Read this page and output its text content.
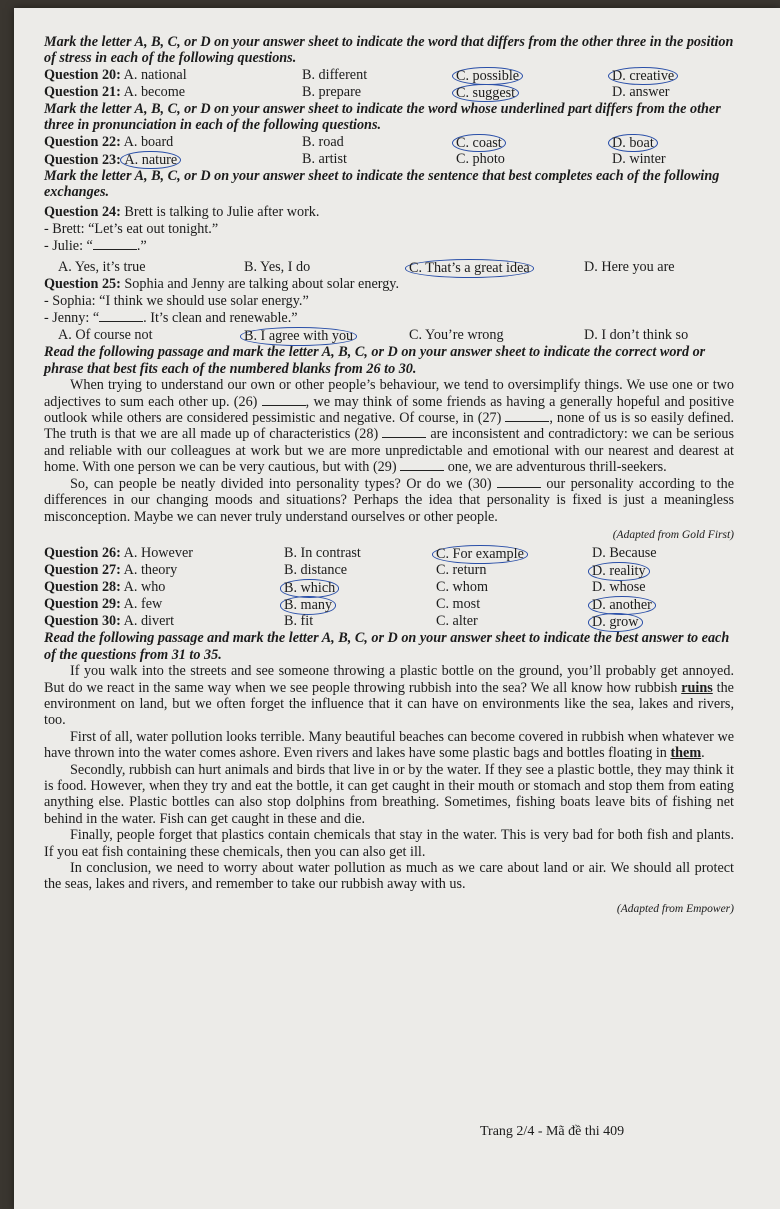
Mark the letter A, B, C, or D on your answer sheet to indicate the word that differs from the other three in the position of stress in each of the following questions.

Question 20: A. national	B. different	C. possible	D. creative
Question 21: A. become	B. prepare	C. suggest	D. answer

Mark the letter A, B, C, or D on your answer sheet to indicate the word whose underlined part differs from the other three in pronunciation in each of the following questions.

Question 22: A. board	B. road	C. coast	D. boat
Question 23: A. nature	B. artist	C. photo	D. winter

Mark the letter A, B, C, or D on your answer sheet to indicate the sentence that best completes each of the following exchanges.

Question 24: Brett is talking to Julie after work.
- Brett: “Let’s eat out tonight.”
- Julie: “	.”
A. Yes, it’s true	B. Yes, I do	C. That’s a great idea	D. Here you are
Question 25: Sophia and Jenny are talking about solar energy.
- Sophia: “I think we should use solar energy.”
- Jenny: “	. It’s clean and renewable.”
A. Of course not	B. I agree with you	C. You’re wrong	D. I don’t think so

Read the following passage and mark the letter A, B, C, or D on your answer sheet to indicate the correct word or phrase that best fits each of the numbered blanks from 26 to 30.

When trying to understand our own or other people’s behaviour, we tend to oversimplify things. We use one or two adjectives to sum each other up. (26)	, we may think of some friends as having a generally hopeful and positive outlook while others are considered pessimistic and negative. Of course, in (27)	, none of us is so easily defined. The truth is that we are all made up of characteristics (28)	are inconsistent and contradictory: we can be serious and reliable with our colleagues at work but we are more unpredictable and emotional with our nearest and dearest at home. With one person we can be very cautious, but with (29)	one, we are adventurous thrill-seekers.

So, can people be neatly divided into personality types? Or do we (30)	our personality according to the differences in our changing moods and situations? Perhaps the idea that personality is fixed is just a meaningless misconception. Maybe we can never truly understand ourselves or other people.

(Adapted from Gold First)
Question 26: A. However	B. In contrast	C. For example	D. Because
Question 27: A. theory	B. distance	C. return	D. reality
Question 28: A. who	B. which	C. whom	D. whose
Question 29: A. few	B. many	C. most	D. another
Question 30: A. divert	B. fit	C. alter	D. grow

Read the following passage and mark the letter A, B, C, or D on your answer sheet to indicate the best answer to each of the questions from 31 to 35.

If you walk into the streets and see someone throwing a plastic bottle on the ground, you’ll probably get annoyed. But do we react in the same way when we see people throwing rubbish into the sea? We all know how rubbish ruins the environment on land, but we often forget the influence that it can have on environments like the sea, lakes and rivers, too.

First of all, water pollution looks terrible. Many beautiful beaches can become covered in rubbish when whatever we have thrown into the water comes ashore. Even rivers and lakes have some plastic bags and bottles floating in them.

Secondly, rubbish can hurt animals and birds that live in or by the water. If they see a plastic bottle, they may think it is food. However, when they try and eat the bottle, it can get caught in their mouth or stomach and stop them from eating anything else. Plastic bottles can also stop dolphins from breathing. Sometimes, fishing boats leave bits of fishing net behind in the water. Fish can get caught in these and die.

Finally, people forget that plastics contain chemicals that stay in the water. This is very bad for both fish and plants. If you eat fish containing these chemicals, then you can also get ill.

In conclusion, we need to worry about water pollution as much as we care about land or air. We should all protect the seas, lakes and rivers, and remember to take our rubbish away with us.

(Adapted from Empower)
Trang 2/4 - Mã đề thi 409
